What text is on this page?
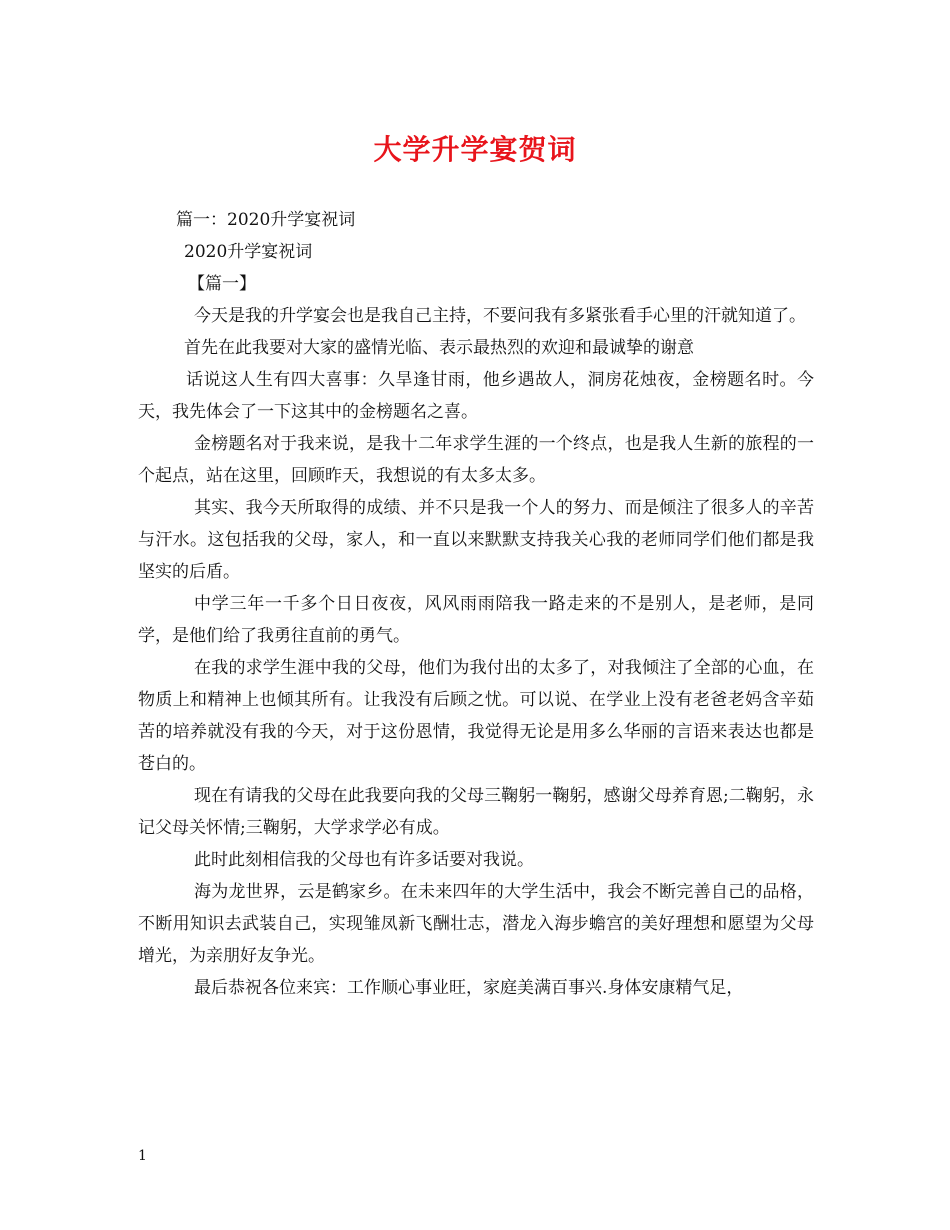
大学升学宴贺词
篇一：2020升学宴祝词
2020升学宴祝词
【篇一】
今天是我的升学宴会也是我自己主持，不要问我有多紧张看手心里的汗就知道了。
首先在此我要对大家的盛情光临、表示最热烈的欢迎和最诚挚的谢意
话说这人生有四大喜事：久旱逢甘雨，他乡遇故人，洞房花烛夜，金榜题名时。今天，我先体会了一下这其中的金榜题名之喜。
金榜题名对于我来说，是我十二年求学生涯的一个终点，也是我人生新的旅程的一个起点，站在这里，回顾昨天，我想说的有太多太多。
其实、我今天所取得的成绩、并不只是我一个人的努力、而是倾注了很多人的辛苦与汗水。这包括我的父母，家人，和一直以来默默支持我关心我的老师同学们他们都是我坚实的后盾。
中学三年一千多个日日夜夜，风风雨雨陪我一路走来的不是别人，是老师，是同学，是他们给了我勇往直前的勇气。
在我的求学生涯中我的父母，他们为我付出的太多了，对我倾注了全部的心血，在物质上和精神上也倾其所有。让我没有后顾之忧。可以说、在学业上没有老爸老妈含辛茹苦的培养就没有我的今天，对于这份恩情，我觉得无论是用多么华丽的言语来表达也都是苍白的。
现在有请我的父母在此我要向我的父母三鞠躬一鞠躬，感谢父母养育恩;二鞠躬，永记父母关怀情;三鞠躬，大学求学必有成。
此时此刻相信我的父母也有许多话要对我说。
海为龙世界，云是鹤家乡。在未来四年的大学生活中，我会不断完善自己的品格，不断用知识去武装自己，实现雏凤新飞酬壮志，潜龙入海步蟾宫的美好理想和愿望为父母增光，为亲朋好友争光。
最后恭祝各位来宾：工作顺心事业旺，家庭美满百事兴.身体安康精气足，
1
